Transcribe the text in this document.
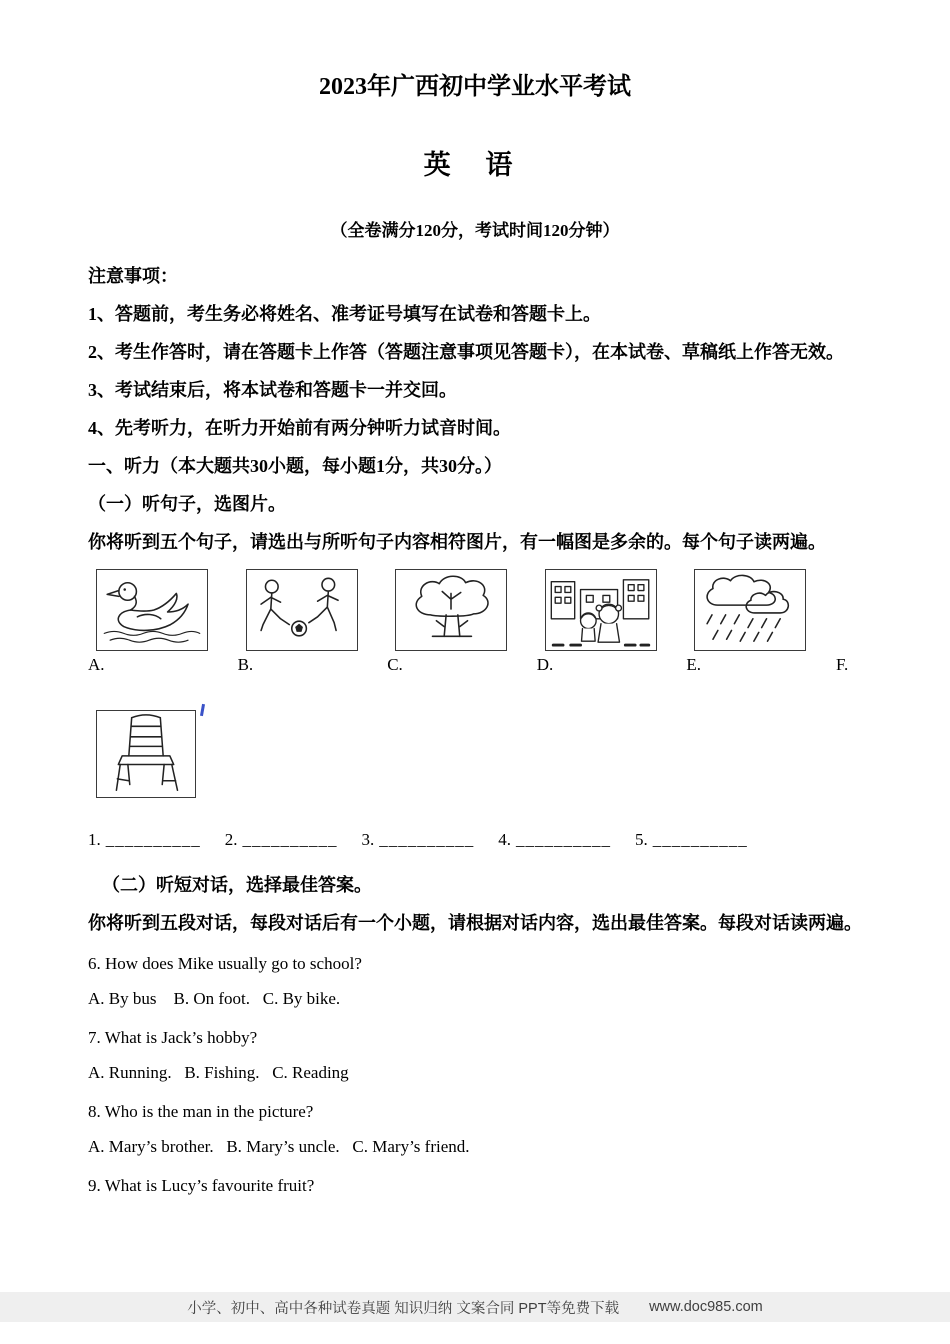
2023年广西初中学业水平考试
英 语
（全卷满分120分，考试时间120分钟）
注意事项：
1、答题前，考生务必将姓名、准考证号填写在试卷和答题卡上。
2、考生作答时，请在答题卡上作答（答题注意事项见答题卡），在本试卷、草稿纸上作答无效。
3、考试结束后，将本试卷和答题卡一并交回。
4、先考听力，在听力开始前有两分钟听力试音时间。
一、听力（本大题共30小题，每小题1分，共30分。）
（一）听句子，选图片。
你将听到五个句子，请选出与所听句子内容相符图片，有一幅图是多余的。每个句子读两遍。
A.	B.	C.	D.	E.	F.
1. __________ 2. __________ 3. __________ 4. __________ 5. __________
（二）听短对话，选择最佳答案。
你将听到五段对话，每段对话后有一个小题，请根据对话内容，选出最佳答案。每段对话读两遍。
6. How does Mike usually go to school?
A. By bus    B. On foot.   C. By bike.
7. What is Jack’s hobby?
A. Running.   B. Fishing.   C. Reading
8. Who is the man in the picture?
A. Mary’s brother.   B. Mary’s uncle.   C. Mary’s friend.
9. What is Lucy’s favourite fruit?
小学、初中、高中各种试卷真题 知识归纳 文案合同 PPT等免费下载 www.doc985.com
